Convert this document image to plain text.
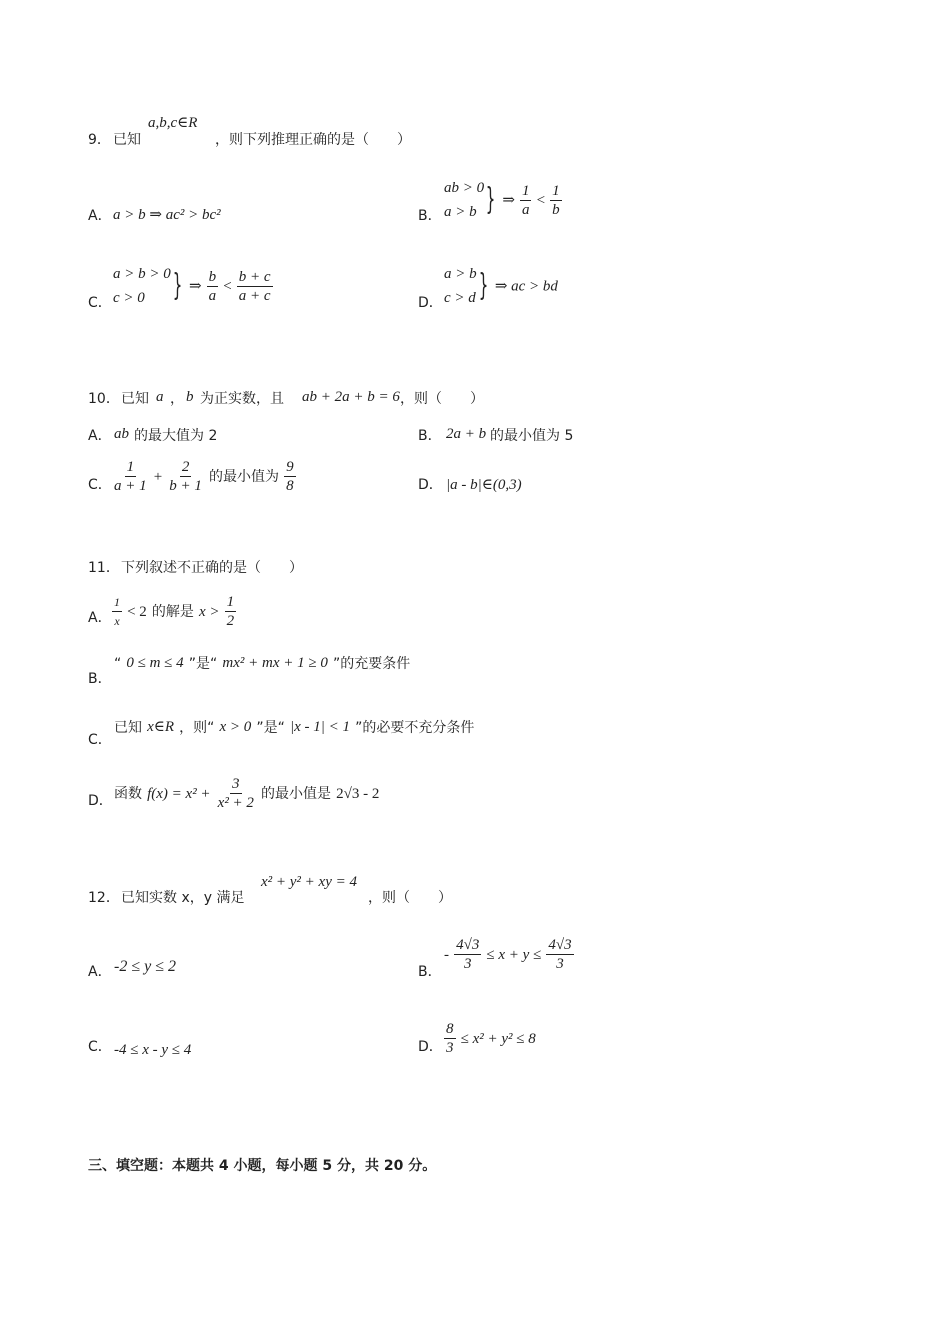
9． 已知
a,b,c∈R
，则下列推理正确的是（　　）
A． a > b ⇒ ac² > bc²	B．
ab > 0
a > b } ⇒ $\frac{1}{a} < \frac{1}{b}$
C．
a > b > 0
c > 0 } ⇒ $\frac{b}{a} < \frac{b + c}{a + c}$	D．
a > b
c > d } ⇒ ac > bd
10． 已知 a ， b 为正实数，且 ab + 2a + b = 6 ，则（　　）
A． ab 的最大值为 2	B． 2a + b 的最小值为 5
C． $\frac{1}{a + 1} + \frac{2}{b + 1}$ 的最小值为 $\frac{9}{8}$	D． |a - b|∈(0,3)
11． 下列叙述不正确的是（　　）
A． $\frac{1}{x} < 2$ 的解是 $x > \frac{1}{2}$
B．
“ 0 ≤ m ≤ 4 ”是“ mx² + mx + 1 ≥ 0 ”的充要条件
C．
已知 x∈R ，则“ x > 0 ”是“ |x - 1| < 1 ”的必要不充分条件
D． 函数 $f(x) = x^2 + \frac{3}{\text{x² + 2}}$ 的最小值是 2√3 - 2
12． 已知实数 x，y 满足
x² + y² + xy = 4
，则（　　）
A． -2 ≤ y ≤ 2	B．
- $\frac{4√3}{3} \le x + y \le \frac{4√3}{3}$
C． -4 ≤ x - y ≤ 4	D． $\frac{8}{3} \le x^2 + y^2 \le 8$
三、填空题：本题共 4 小题，每小题 5 分，共 20 分。
